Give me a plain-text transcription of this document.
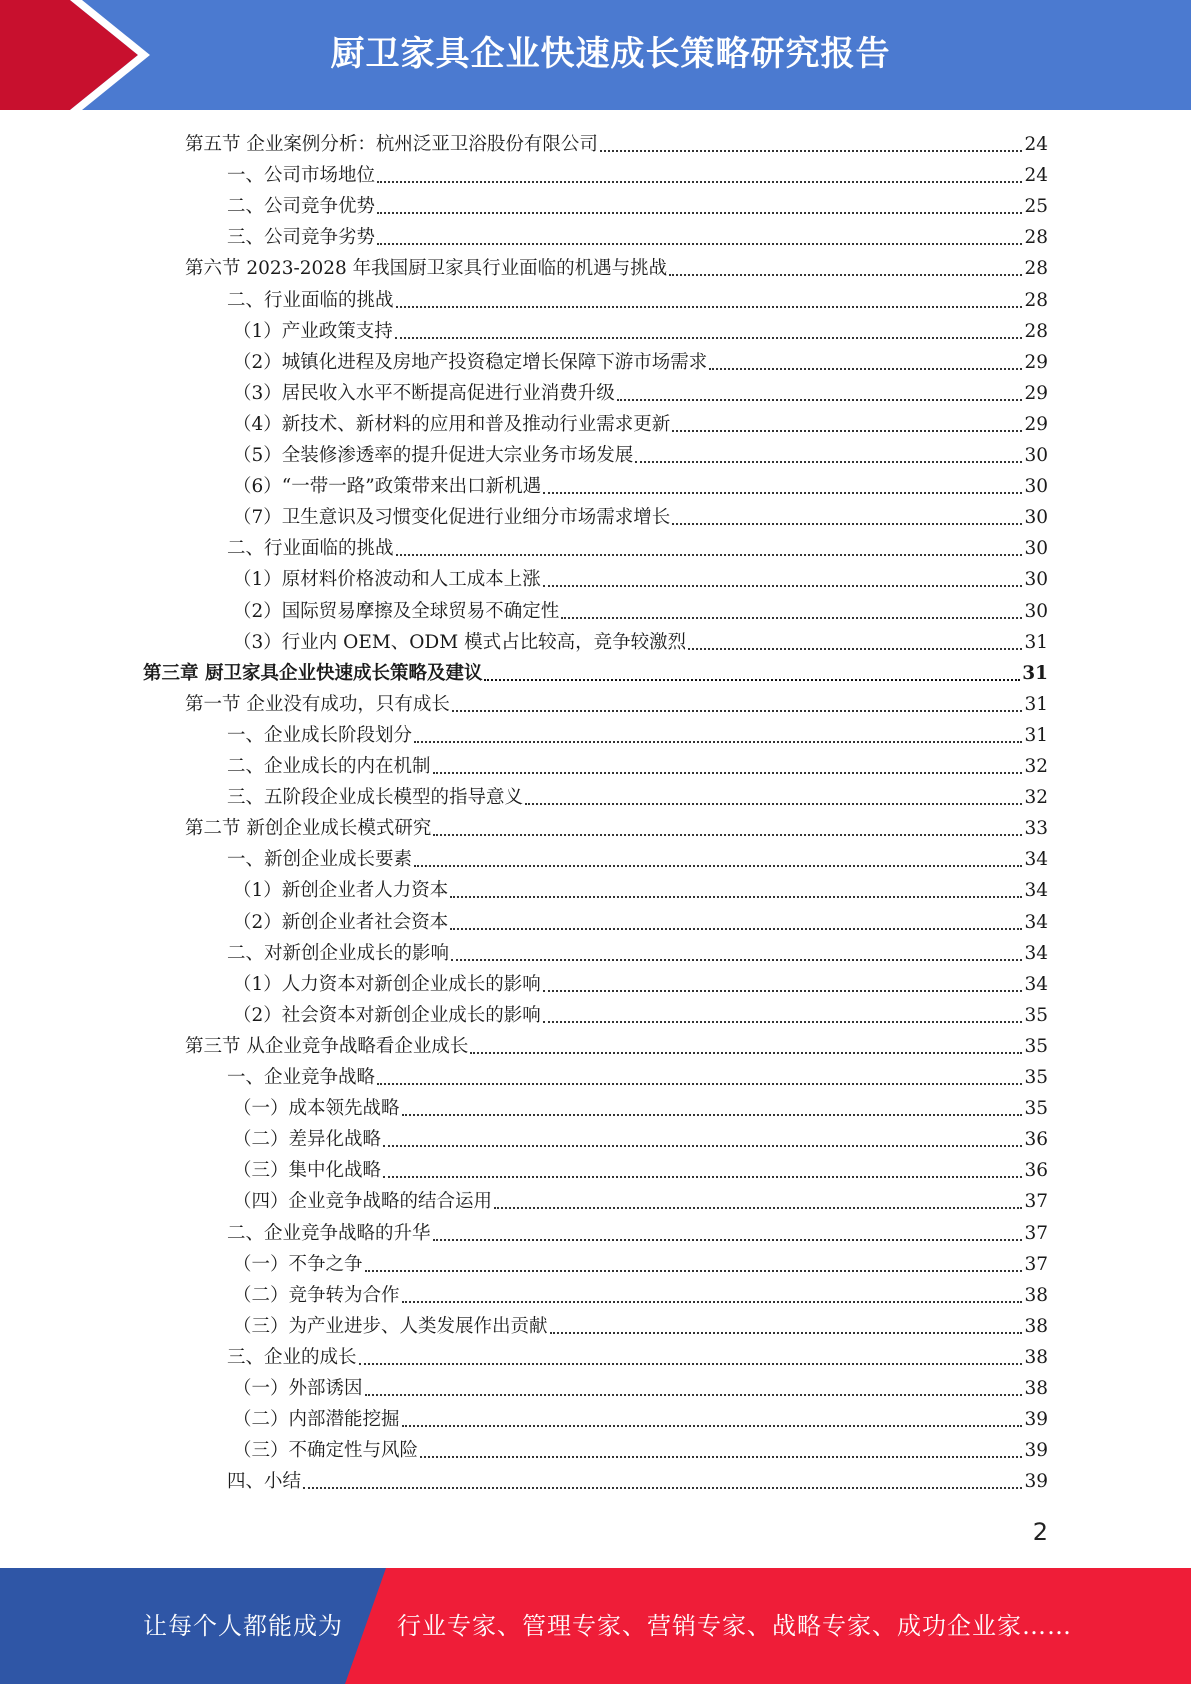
厨卫家具企业快速成长策略研究报告
第五节 企业案例分析：杭州泛亚卫浴股份有限公司	24
一、公司市场地位	24
二、公司竞争优势	25
三、公司竞争劣势	28
第六节 2023-2028 年我国厨卫家具行业面临的机遇与挑战	28
二、行业面临的挑战	28
（1）产业政策支持	28
（2）城镇化进程及房地产投资稳定增长保障下游市场需求	29
（3）居民收入水平不断提高促进行业消费升级	29
（4）新技术、新材料的应用和普及推动行业需求更新	29
（5）全装修渗透率的提升促进大宗业务市场发展	30
（6）“一带一路”政策带来出口新机遇	30
（7）卫生意识及习惯变化促进行业细分市场需求增长	30
二、行业面临的挑战	30
（1）原材料价格波动和人工成本上涨	30
（2）国际贸易摩擦及全球贸易不确定性	30
（3）行业内 OEM、ODM 模式占比较高，竞争较激烈	31
第三章 厨卫家具企业快速成长策略及建议	31
第一节 企业没有成功，只有成长	31
一、企业成长阶段划分	31
二、企业成长的内在机制	32
三、五阶段企业成长模型的指导意义	32
第二节 新创企业成长模式研究	33
一、新创企业成长要素	34
（1）新创企业者人力资本	34
（2）新创企业者社会资本	34
二、对新创企业成长的影响	34
（1）人力资本对新创企业成长的影响	34
（2）社会资本对新创企业成长的影响	35
第三节 从企业竞争战略看企业成长	35
一、企业竞争战略	35
（一）成本领先战略	35
（二）差异化战略	36
（三）集中化战略	36
（四）企业竞争战略的结合运用	37
二、企业竞争战略的升华	37
（一）不争之争	37
（二）竞争转为合作	38
（三）为产业进步、人类发展作出贡献	38
三、企业的成长	38
（一）外部诱因	38
（二）内部潜能挖掘	39
（三）不确定性与风险	39
四、小结	39
2
让每个人都能成为 行业专家、管理专家、营销专家、战略专家、成功企业家……
